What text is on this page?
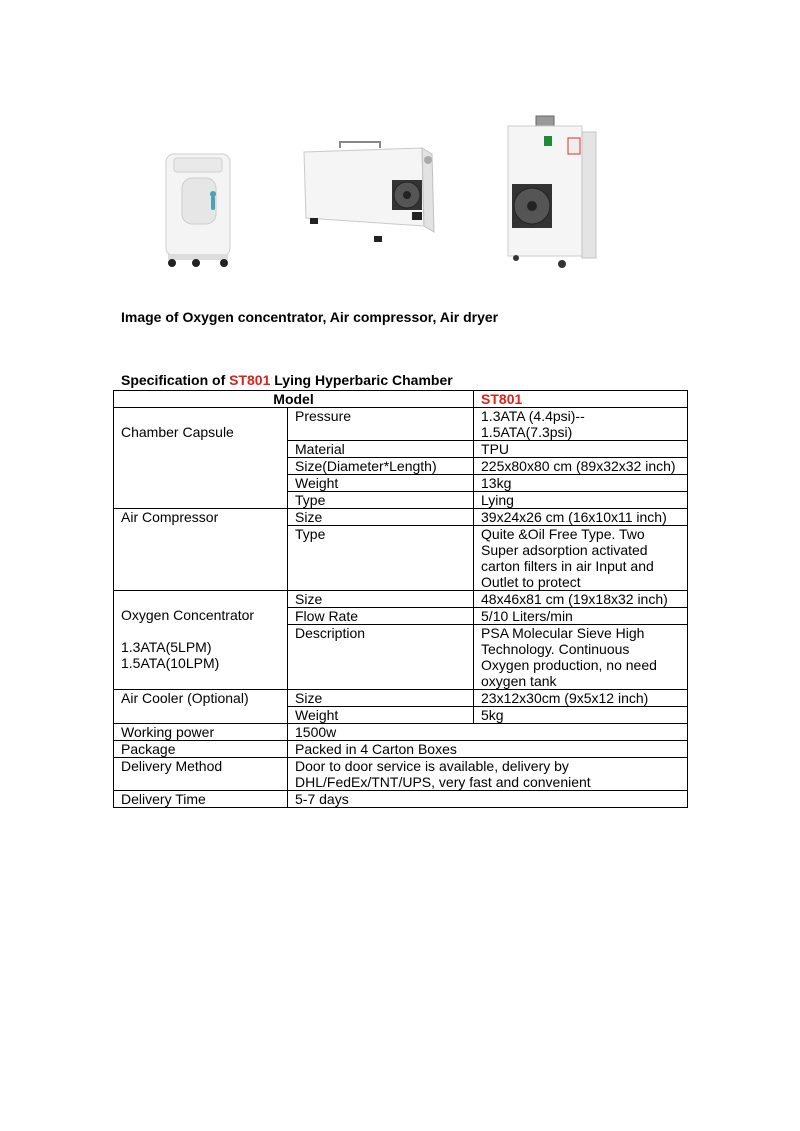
Image of Oxygen concentrator, Air compressor, Air dryer
Specification of ST801 Lying Hyperbaric Chamber
Model		ST801

Chamber Capsule	Pressure	1.3ATA (4.4psi)--
1.5ATA(7.3psi)
	Material	TPU
	Size(Diameter*Length)	225x80x80 cm (89x32x32 inch)
	Weight	13kg
	Type	Lying
Air Compressor	Size	39x24x26 cm (16x10x11 inch)
	Type	Quite &Oil Free Type. Two Super adsorption activated carton filters in air Input and Outlet to protect

Oxygen Concentrator

1.3ATA(5LPM)
1.5ATA(10LPM)	Size	48x46x81 cm (19x18x32 inch)
	Flow Rate	5/10 Liters/min
	Description	PSA Molecular Sieve High Technology. Continuous Oxygen production, no need oxygen tank
Air Cooler (Optional)	Size	23x12x30cm (9x5x12 inch)
	Weight	5kg
Working power	1500w	
Package	Packed in 4 Carton Boxes	
Delivery Method	Door to door service is available, delivery by DHL/FedEx/TNT/UPS, very fast and convenient	
Delivery Time	5-7 days	
